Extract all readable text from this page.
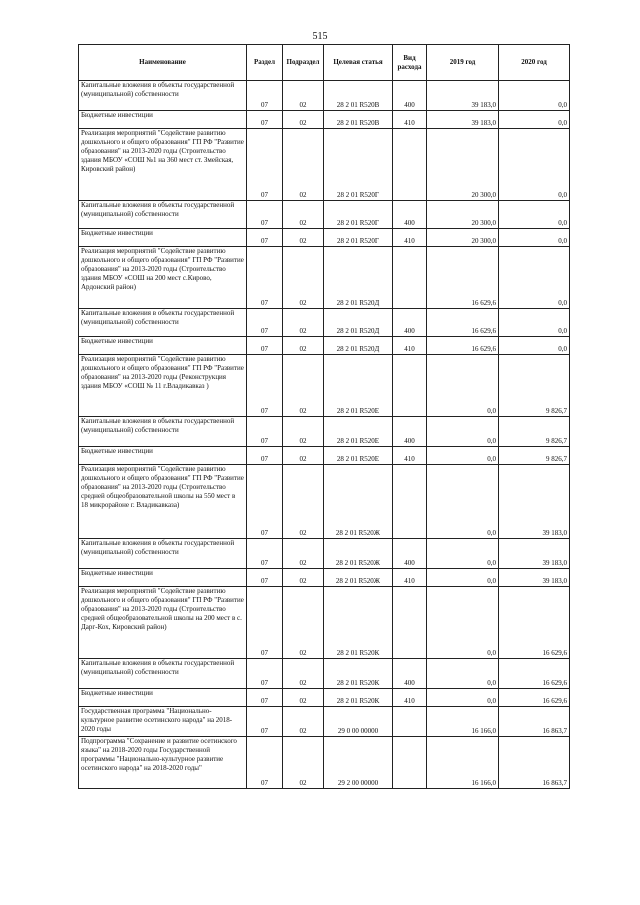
515
Наименование	Раздел	Подраздел	Целевая статья	Вид расхода	2019 год	2020 год
Капитальные вложения в объекты государственной (муниципальной) собственности	07	02	28 2 01 R520В	400	39 183,0	0,0
Бюджетные инвестиции	07	02	28 2 01 R520В	410	39 183,0	0,0
Реализация мероприятий "Содействие развитию дошкольного и общего образования" ГП РФ "Развитие образования" на 2013-2020 годы (Строительство здания МБОУ «СОШ №1 на 360 мест ст. Змейская, Кировский район)	07	02	28 2 01 R520Г		20 300,0	0,0
Капитальные вложения в объекты государственной (муниципальной) собственности	07	02	28 2 01 R520Г	400	20 300,0	0,0
Бюджетные инвестиции	07	02	28 2 01 R520Г	410	20 300,0	0,0
Реализация мероприятий "Содействие развитию дошкольного и общего образования" ГП РФ "Развитие образования" на 2013-2020 годы (Строительство здания МБОУ «СОШ на 200 мест с.Кирово, Ардонский район)	07	02	28 2 01 R520Д		16 629,6	0,0
Капитальные вложения в объекты государственной (муниципальной) собственности	07	02	28 2 01 R520Д	400	16 629,6	0,0
Бюджетные инвестиции	07	02	28 2 01 R520Д	410	16 629,6	0,0
Реализация мероприятий "Содействие развитию дошкольного и общего образования" ГП РФ "Развитие образования" на 2013-2020 годы (Реконструкция здания МБОУ «СОШ № 11 г.Владикавказ )	07	02	28 2 01 R520Е		0,0	9 826,7
Капитальные вложения в объекты государственной (муниципальной) собственности	07	02	28 2 01 R520Е	400	0,0	9 826,7
Бюджетные инвестиции	07	02	28 2 01 R520Е	410	0,0	9 826,7
Реализация мероприятий "Содействие развитию дошкольного и общего образования" ГП РФ "Развитие образования" на 2013-2020 годы (Строительство средней общеобразовательной школы на 550 мест в 18 микрорайоне г. Владикавказа)	07	02	28 2 01 R520Ж		0,0	39 183,0
Капитальные вложения в объекты государственной (муниципальной) собственности	07	02	28 2 01 R520Ж	400	0,0	39 183,0
Бюджетные инвестиции	07	02	28 2 01 R520Ж	410	0,0	39 183,0
Реализация мероприятий "Содействие развитию дошкольного и общего образования" ГП РФ "Развитие образования" на 2013-2020 годы (Строительство средней общеобразовательной школы на 200 мест в с. Дарг-Кох, Кировский район)	07	02	28 2 01 R520К		0,0	16 629,6
Капитальные вложения в объекты государственной (муниципальной) собственности	07	02	28 2 01 R520К	400	0,0	16 629,6
Бюджетные инвестиции	07	02	28 2 01 R520К	410	0,0	16 629,6
Государственная программа "Национально-культурное развитие осетинского народа" на 2018-2020 годы	07	02	29 0 00 00000		16 166,0	16 863,7
Подпрограмма "Сохранение и развитие осетинского языка" на 2018-2020 годы Государственной программы "Национально-культурное развитие осетинского народа" на 2018-2020 годы"	07	02	29 2 00 00000		16 166,0	16 863,7
